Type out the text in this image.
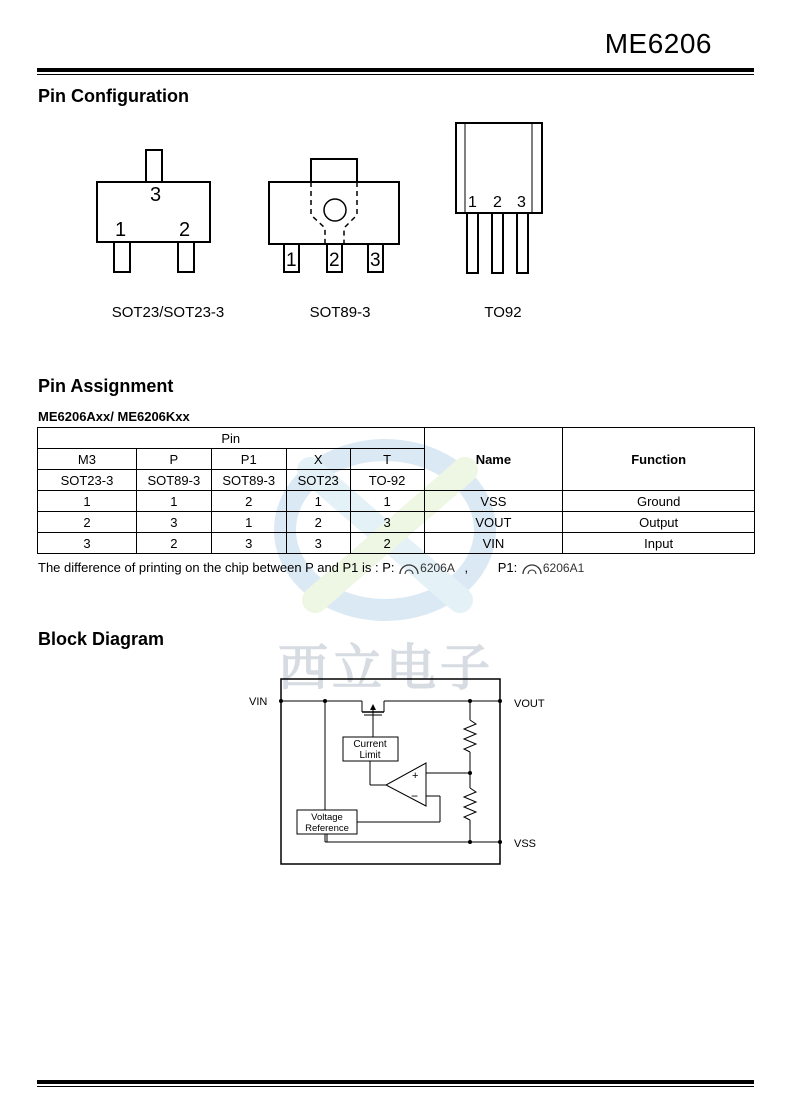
ME6206
Pin Configuration
3
1	2
1 2 3
1 2 3
SOT23/SOT23-3	SOT89-3	TO92
西立电子
Pin Assignment
ME6206Axx/ ME6206Kxx
Pin					Name	Function
M3	P	P1	X	T		
SOT23-3	SOT89-3	SOT89-3	SOT23	TO-92		
1	1	2	1	1	VSS	Ground
2	3	1	2	3	VOUT	Output
3	2	3	3	2	VIN	Input
The difference of printing on the chip between P and P1 is : P: 6206A , P1: 6206A1
Block Diagram
Current
Limit
+
−
Voltage
Reference
VIN	VOUT
VSS
